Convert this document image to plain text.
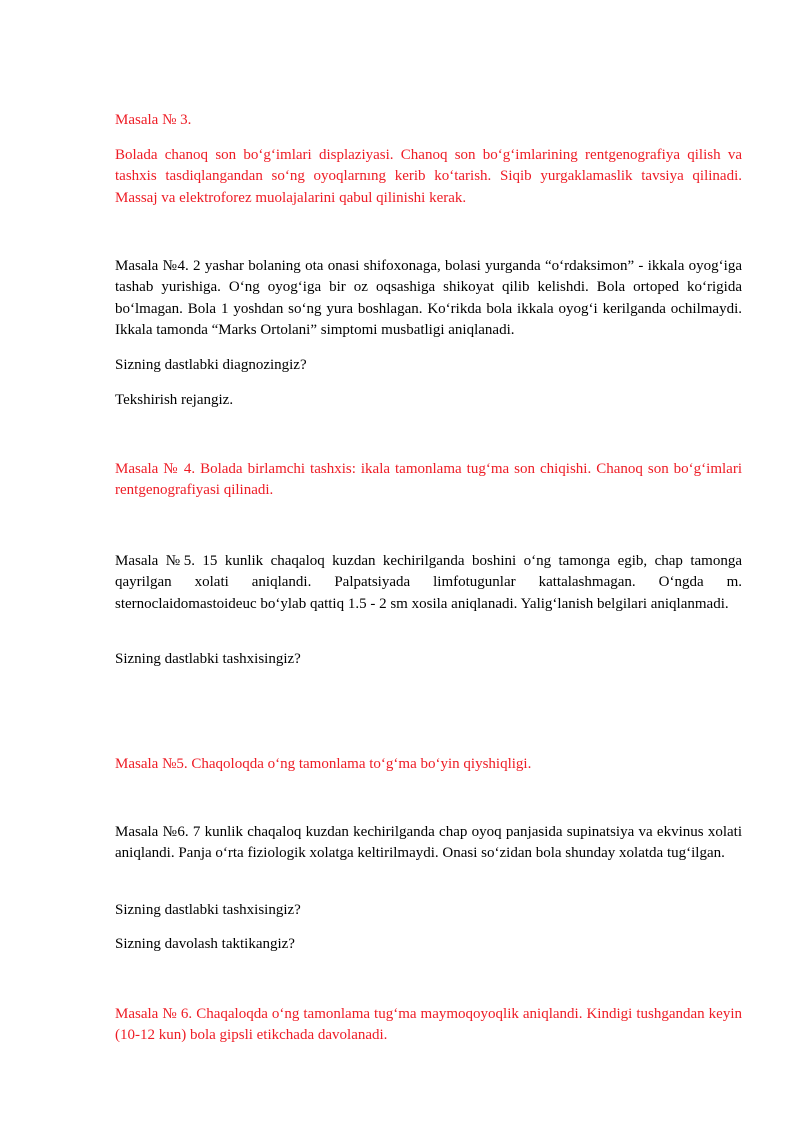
Masala № 3.

Bolada chanoq son bo‘g‘imlari displaziyasi. Chanoq son bo‘g‘imlarining rentgenografiya qilish va tashxis tasdiqlangandan so‘ng oyoqlarnıng kerib ko‘tarish. Siqib yurgaklamaslik tavsiya qilinadi. Massaj va elektroforez muolajalarini qabul qilinishi kerak.

Masala №4. 2 yashar bolaning ota onasi shifoxonaga, bolasi yurganda “o‘rdaksimon” - ikkala oyog‘iga tashab yurishiga. O‘ng oyog‘iga bir oz oqsashiga shikoyat qilib kelishdi. Bola ortoped ko‘rigida bo‘lmagan. Bola 1 yoshdan so‘ng yura boshlagan. Ko‘rikda bola ikkala oyog‘i kerilganda ochilmaydi. Ikkala tamonda “Marks Ortolani” simptomi musbatligi aniqlanadi.

Sizning dastlabki diagnozingiz?

Tekshirish rejangiz.

Masala № 4. Bolada birlamchi tashxis: ikala tamonlama tug‘ma son chiqishi. Chanoq son bo‘g‘imlari rentgenografiyasi qilinadi.

Masala №5. 15 kunlik chaqaloq kuzdan kechirilganda boshini o‘ng tamonga egib, chap tamonga qayrilgan xolati aniqlandi. Palpatsiyada limfotugunlar kattalashmagan. O‘ngda m. sternoclaidomastoideuc bo‘ylab qattiq 1.5 - 2 sm xosila aniqlanadi. Yalig‘lanish belgilari aniqlanmadi.

Sizning dastlabki tashxisingiz?

Masala №5. Chaqoloqda o‘ng tamonlama to‘g‘ma bo‘yin qiyshiqligi.

Masala №6. 7 kunlik chaqaloq kuzdan kechirilganda chap oyoq panjasida supinatsiya va ekvinus xolati aniqlandi. Panja o‘rta fiziologik xolatga keltirilmaydi. Onasi so‘zidan bola shunday xolatda tug‘ilgan.

Sizning dastlabki tashxisingiz?

Sizning davolash taktikangiz?

Masala № 6. Chaqaloqda o‘ng tamonlama tug‘ma maymoqoyoqlik aniqlandi. Kindigi tushgandan keyin (10-12 kun) bola gipsli etikchada davolanadi.
